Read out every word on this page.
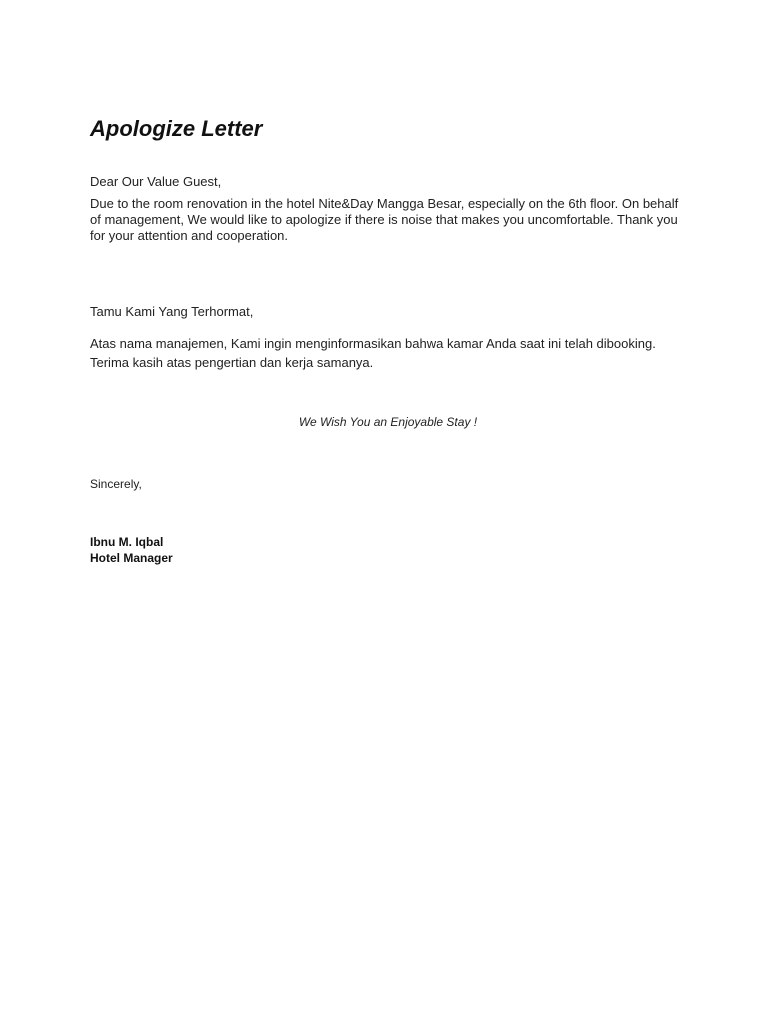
Apologize Letter

Dear Our Value Guest,

Due to the room renovation in the hotel Nite&Day Mangga Besar, especially on the 6th floor. On behalf of management, We would like to apologize if there is noise that makes you uncomfortable. Thank you for your attention and cooperation.

Tamu Kami Yang Terhormat,

Atas nama manajemen, Kami ingin menginformasikan bahwa kamar Anda saat ini telah dibooking. Terima kasih atas pengertian dan kerja samanya.

We Wish You an Enjoyable Stay !

Sincerely,

Ibnu M. Iqbal
Hotel Manager
